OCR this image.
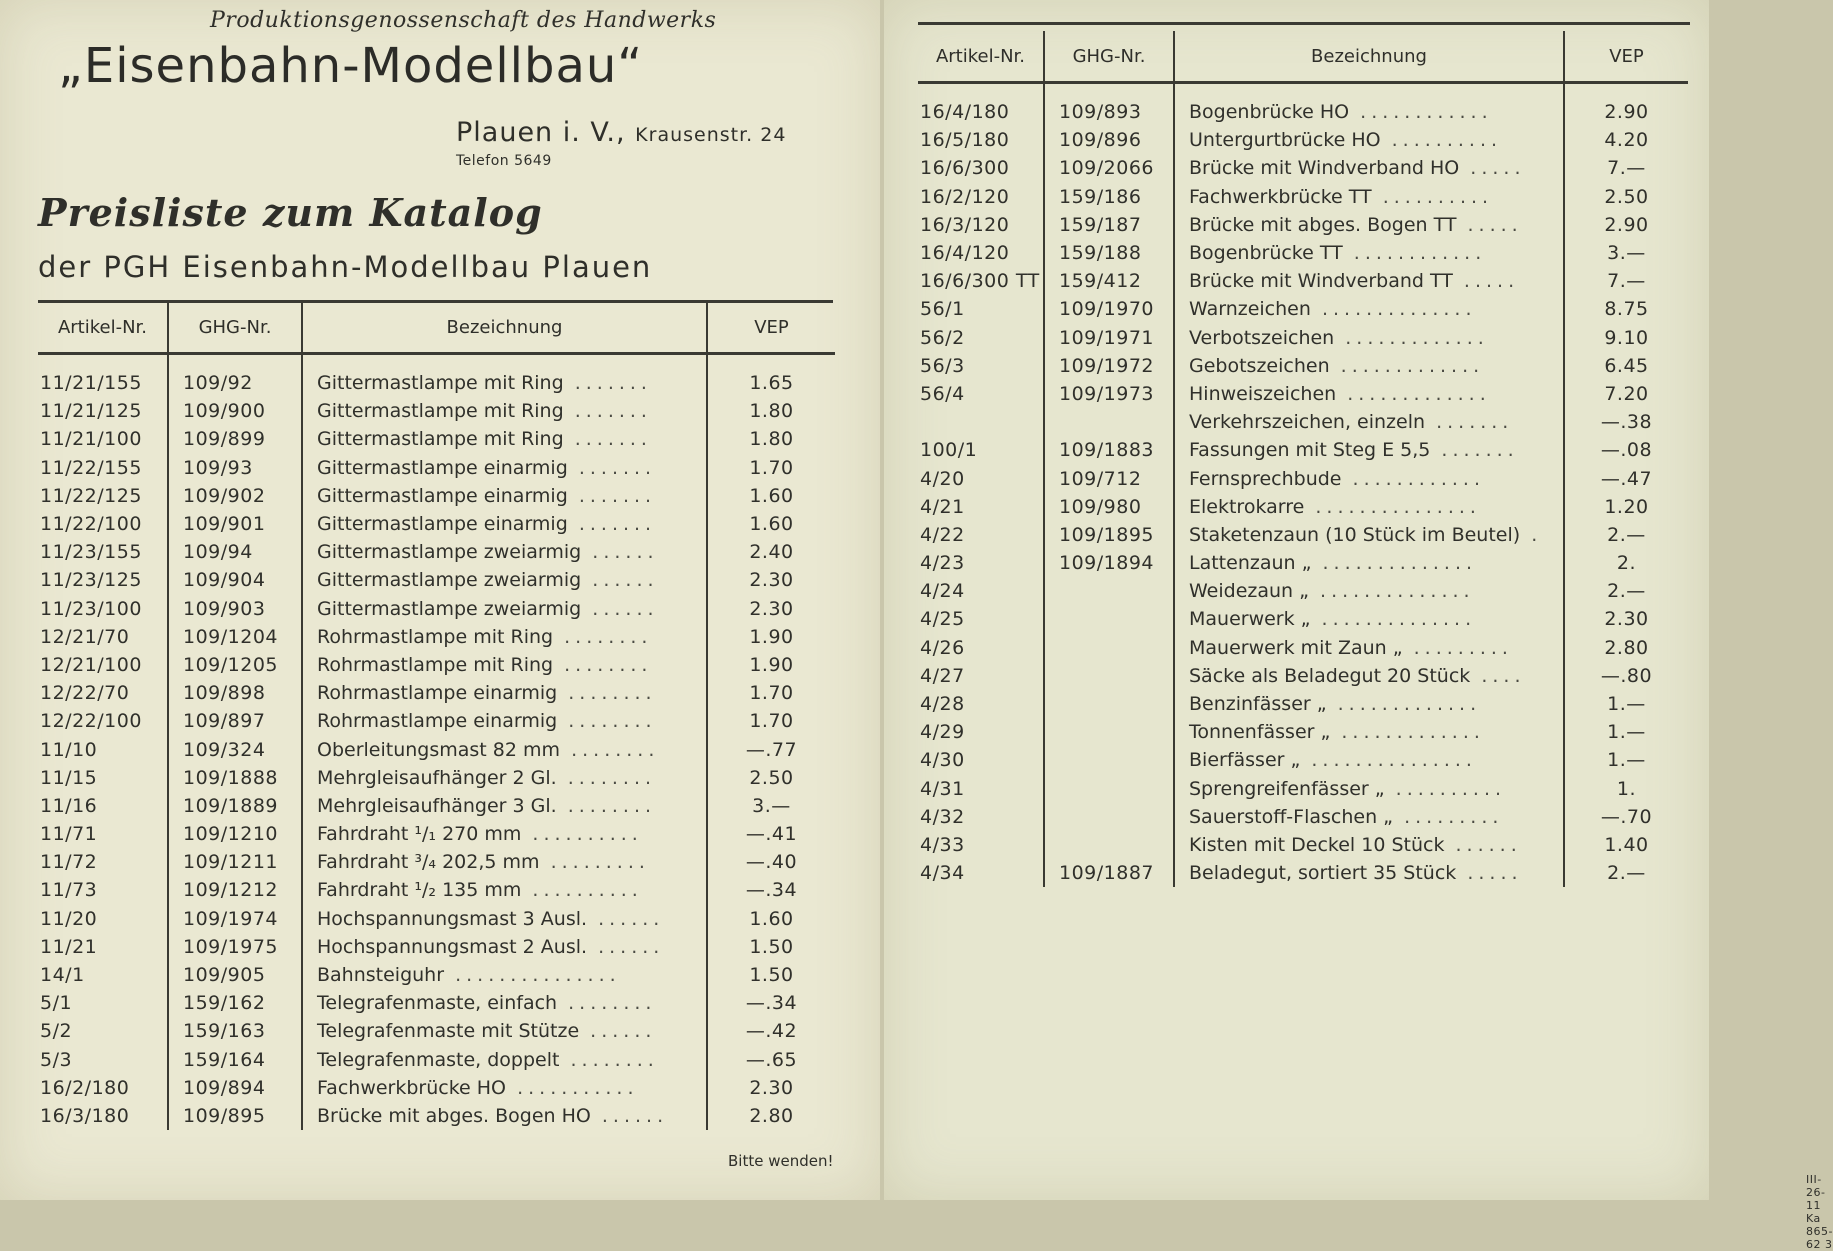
Produktionsgenossenschaft des Handwerks
„Eisenbahn-Modellbau“
Plauen i. V., Krausenstr. 24
Telefon 5649
Preisliste zum Katalog
der PGH Eisenbahn-Modellbau Plauen
Artikel-Nr.	GHG-Nr.	Bezeichnung	VEP

11/21/155	109/92	Gittermastlampe mit Ring .......	1.65
11/21/125	109/900	Gittermastlampe mit Ring .......	1.80
11/21/100	109/899	Gittermastlampe mit Ring .......	1.80
11/22/155	109/93	Gittermastlampe einarmig .......	1.70
11/22/125	109/902	Gittermastlampe einarmig .......	1.60
11/22/100	109/901	Gittermastlampe einarmig .......	1.60
11/23/155	109/94	Gittermastlampe zweiarmig ......	2.40
11/23/125	109/904	Gittermastlampe zweiarmig ......	2.30
11/23/100	109/903	Gittermastlampe zweiarmig ......	2.30
12/21/70	109/1204	Rohrmastlampe mit Ring ........	1.90
12/21/100	109/1205	Rohrmastlampe mit Ring ........	1.90
12/22/70	109/898	Rohrmastlampe einarmig ........	1.70
12/22/100	109/897	Rohrmastlampe einarmig ........	1.70
11/10	109/324	Oberleitungsmast 82 mm ........	—.77
11/15	109/1888	Mehrgleisaufhänger 2 Gl. ........	2.50
11/16	109/1889	Mehrgleisaufhänger 3 Gl. ........	3.—
11/71	109/1210	Fahrdraht ¹/₁ 270 mm ..........	—.41
11/72	109/1211	Fahrdraht ³/₄ 202,5 mm .........	—.40
11/73	109/1212	Fahrdraht ¹/₂ 135 mm ..........	—.34
11/20	109/1974	Hochspannungsmast 3 Ausl. ......	1.60
11/21	109/1975	Hochspannungsmast 2 Ausl. ......	1.50
14/1	109/905	Bahnsteiguhr ...............	1.50
5/1	159/162	Telegrafenmaste, einfach ........	—.34
5/2	159/163	Telegrafenmaste mit Stütze ......	—.42
5/3	159/164	Telegrafenmaste, doppelt ........	—.65
16/2/180	109/894	Fachwerkbrücke HO ...........	2.30
16/3/180	109/895	Brücke mit abges. Bogen HO ......	2.80
Bitte wenden!
III-26-11 Ka 865-62 3
Artikel-Nr.	GHG-Nr.	Bezeichnung	VEP

16/4/180	109/893	Bogenbrücke HO ............	2.90
16/5/180	109/896	Untergurtbrücke HO ..........	4.20
16/6/300	109/2066	Brücke mit Windverband HO .....	7.—
16/2/120	159/186	Fachwerkbrücke TT ..........	2.50
16/3/120	159/187	Brücke mit abges. Bogen TT .....	2.90
16/4/120	159/188	Bogenbrücke TT ............	3.—
16/6/300 TT	159/412	Brücke mit Windverband TT .....	7.—
56/1	109/1970	Warnzeichen ..............	8.75
56/2	109/1971	Verbotszeichen .............	9.10
56/3	109/1972	Gebotszeichen .............	6.45
56/4	109/1973	Hinweiszeichen .............	7.20
		Verkehrszeichen, einzeln .......	—.38
100/1	109/1883	Fassungen mit Steg E 5,5 .......	—.08
4/20	109/712	Fernsprechbude ............	—.47
4/21	109/980	Elektrokarre ...............	1.20
4/22	109/1895	Staketenzaun (10 Stück im Beutel) .	2.—
4/23	109/1894	Lattenzaun „ ..............	2.
4/24		Weidezaun „ ..............	2.—
4/25		Mauerwerk „ ..............	2.30
4/26		Mauerwerk mit Zaun „ .........	2.80
4/27		Säcke als Beladegut 20 Stück ....	—.80
4/28		Benzinfässer „ .............	1.—
4/29		Tonnenfässer „ .............	1.—
4/30		Bierfässer „ ...............	1.—
4/31		Sprengreifenfässer „ ..........	1.
4/32		Sauerstoff-Flaschen „ .........	—.70
4/33		Kisten mit Deckel 10 Stück ......	1.40
4/34	109/1887	Beladegut, sortiert 35 Stück .....	2.—
